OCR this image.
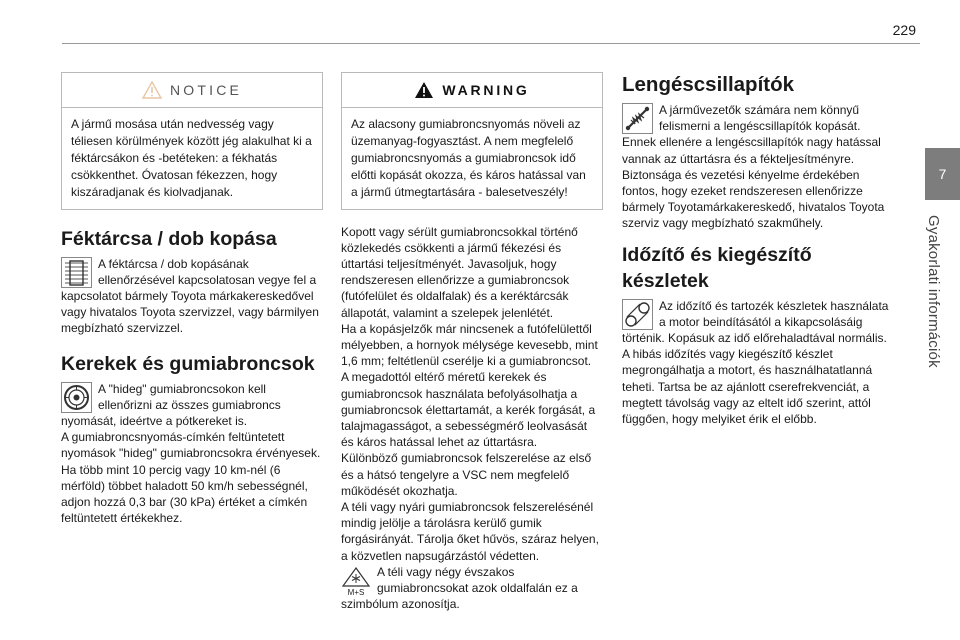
229
7
Gyakorlati információk
NOTICE

A jármű mosása után nedvesség vagy téliesen körülmények között jég alakulhat ki a féktárcsákon és -betéteken: a fékhatás csökkenthet. Óvatosan fékezzen, hogy kiszáradjanak és kiolvadjanak.

Féktárcsa / dob kopása

A féktárcsa / dob kopásának ellenőrzésével kapcsolatosan vegye fel a kapcsolatot bármely Toyota márkakereskedővel vagy hivatalos Toyota szervizzel, vagy bármilyen megbízható szervizzel.

Kerekek és gumiabroncsok

A "hideg" gumiabroncsokon kell ellenőrizni az összes gumiabroncs nyomását, ideértve a pótkereket is.
A gumiabroncsnyomás-címkén feltüntetett nyomások "hideg" gumiabroncsokra érvényesek. Ha több mint 10 percig vagy 10 km-nél (6 mérföld) többet haladott 50 km/h sebességnél, adjon hozzá 0,3 bar (30 kPa) értéket a címkén feltüntetett értékekhez.

WARNING

Az alacsony gumiabroncsnyomás növeli az üzemanyag-fogyasztást. A nem megfelelő gumiabroncsnyomás a gumiabroncsok idő előtti kopását okozza, és káros hatással van a jármű útmegtartására - balesetveszély!

Kopott vagy sérült gumiabroncsokkal történő közlekedés csökkenti a jármű fékezési és úttartási teljesítményét. Javasoljuk, hogy rendszeresen ellenőrizze a gumiabroncsok (futófelület és oldalfalak) és a keréktárcsák állapotát, valamint a szelepek jelenlétét.
Ha a kopásjelzők már nincsenek a futófelülettől mélyebben, a hornyok mélysége kevesebb, mint 1,6 mm; feltétlenül cserélje ki a gumiabroncsot.
A megadottól eltérő méretű kerekek és gumiabroncsok használata befolyásolhatja a gumiabroncsok élettartamát, a kerék forgását, a talajmagasságot, a sebességmérő leolvasását és káros hatással lehet az úttartásra.
Különböző gumiabroncsok felszerelése az első és a hátsó tengelyre a VSC nem megfelelő működését okozhatja.
A téli vagy nyári gumiabroncsok felszerelésénél mindig jelölje a tárolásra kerülő gumik forgásirányát. Tárolja őket hűvös, száraz helyen, a közvetlen napsugárzástól védetten.

M+S

A téli vagy négy évszakos gumiabroncsokat azok oldalfalán ez a szimbólum azonosítja.

Lengéscsillapítók

A járművezetők számára nem könnyű felismerni a lengéscsillapítók kopását. Ennek ellenére a lengéscsillapítók nagy hatással vannak az úttartásra és a fékteljesítményre. Biztonsága és vezetési kényelme érdekében fontos, hogy ezeket rendszeresen ellenőrizze bármely Toyotamárkakereskedő, hivatalos Toyota szerviz vagy megbízható szakműhely.

Időzítő és kiegészítő készletek

Az időzítő és tartozék készletek használata a motor beindításától a kikapcsolásáig történik. Kopásuk az idő előrehaladtával normális.
A hibás időzítés vagy kiegészítő készlet megrongálhatja a motort, és használhatatlanná teheti. Tartsa be az ajánlott cserefrekvenciát, a megtett távolság vagy az eltelt idő szerint, attól függően, hogy melyiket érik el előbb.
